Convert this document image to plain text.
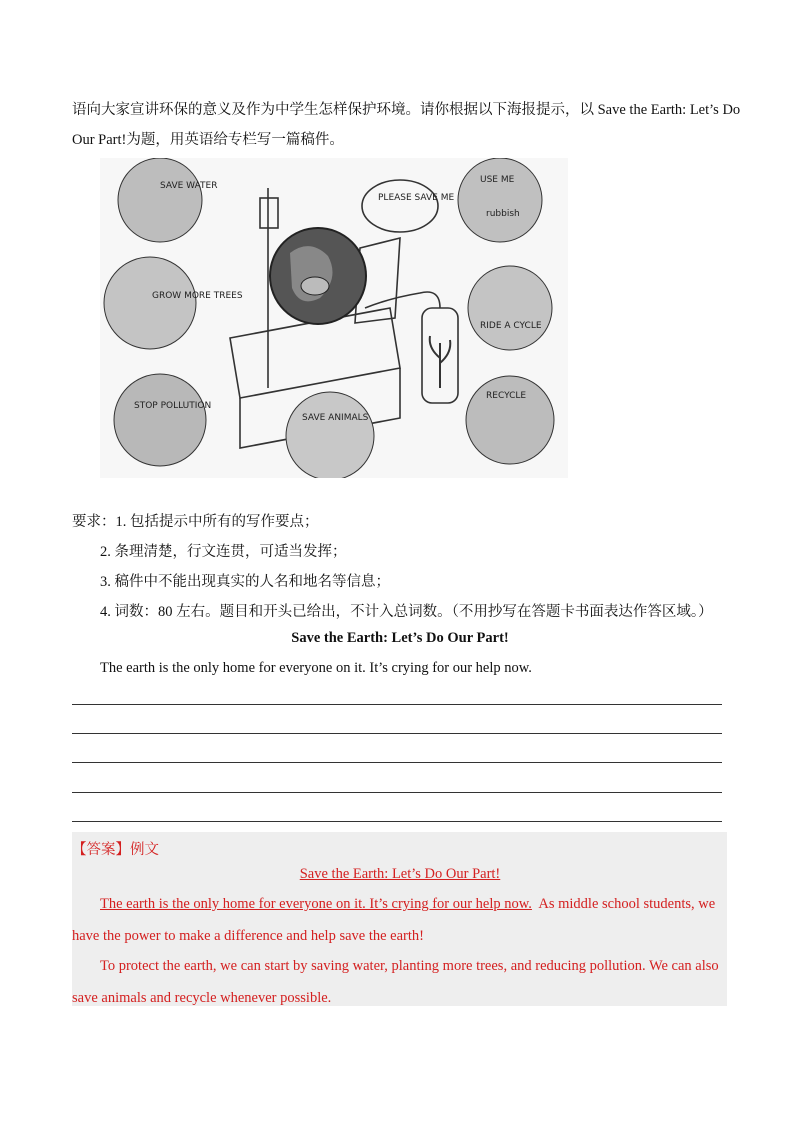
语向大家宣讲环保的意义及作为中学生怎样保护环境。请你根据以下海报提示，以 Save the Earth: Let’s Do
Our Part!为题，用英语给专栏写一篇稿件。
PLEASE SAVE ME
SAVE WATER
GROW MORE TREES
STOP POLLUTION
SAVE ANIMALS
USE ME
rubbish
RIDE A CYCLE
RECYCLE
要求：1. 包括提示中所有的写作要点；
2. 条理清楚，行文连贯，可适当发挥；
3. 稿件中不能出现真实的人名和地名等信息；
4. 词数：80 左右。题目和开头已给出，不计入总词数。（不用抄写在答题卡书面表达作答区域。）
Save the Earth: Let’s Do Our Part!
The earth is the only home for everyone on it. It’s crying for our help now.
【答案】例文
Save the Earth: Let’s Do Our Part!
The earth is the only home for everyone on it. It’s crying for our help now.  As middle school students, we
have the power to make a difference and help save the earth!
To protect the earth, we can start by saving water, planting more trees, and reducing pollution. We can also
save animals and recycle whenever possible.
